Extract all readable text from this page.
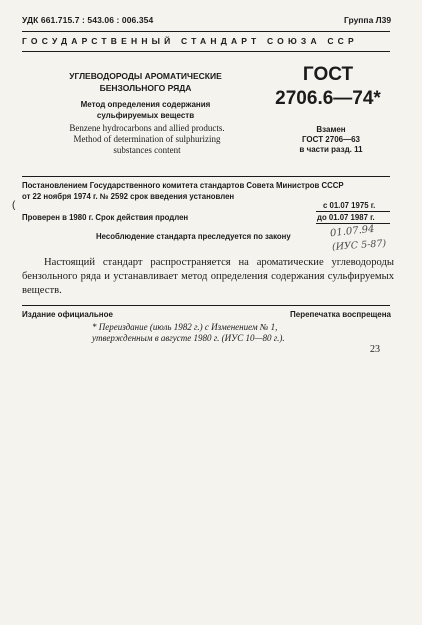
УДК 661.715.7 : 543.06 : 006.354	Группа Л39
ГОСУДАРСТВЕННЫЙ СТАНДАРТ СОЮЗА ССР
УГЛЕВОДОРОДЫ АРОМАТИЧЕСКИЕ
БЕНЗОЛЬНОГО РЯДА
Метод определения содержания
сульфируемых веществ
Benzene hydrocarbons and allied products.
Method of determination of sulphurizing
substances content
ГОСТ
2706.6—74*
Взамен
ГОСТ 2706—63
в части разд. 11
Постановлением Государственного комитета стандартов Совета Министров СССР
от 22 ноября 1974 г. № 2592 срок введения установлен
(	с 01.07 1975 г.
Проверен в 1980 г. Срок действия продлен	до 01.07 1987 г.
Несоблюдение стандарта преследуется по закону	01.07.94
(ИУС 5-87)
Настоящий стандарт распространяется на ароматические углеводороды бензольного ряда и устанавливает метод определения содержания сульфируемых веществ.
Издание официальное	Перепечатка воспрещена
* Переиздание (июль 1982 г.) с Изменением № 1,
утвержденным в августе 1980 г. (ИУС 10—80 г.).
23
